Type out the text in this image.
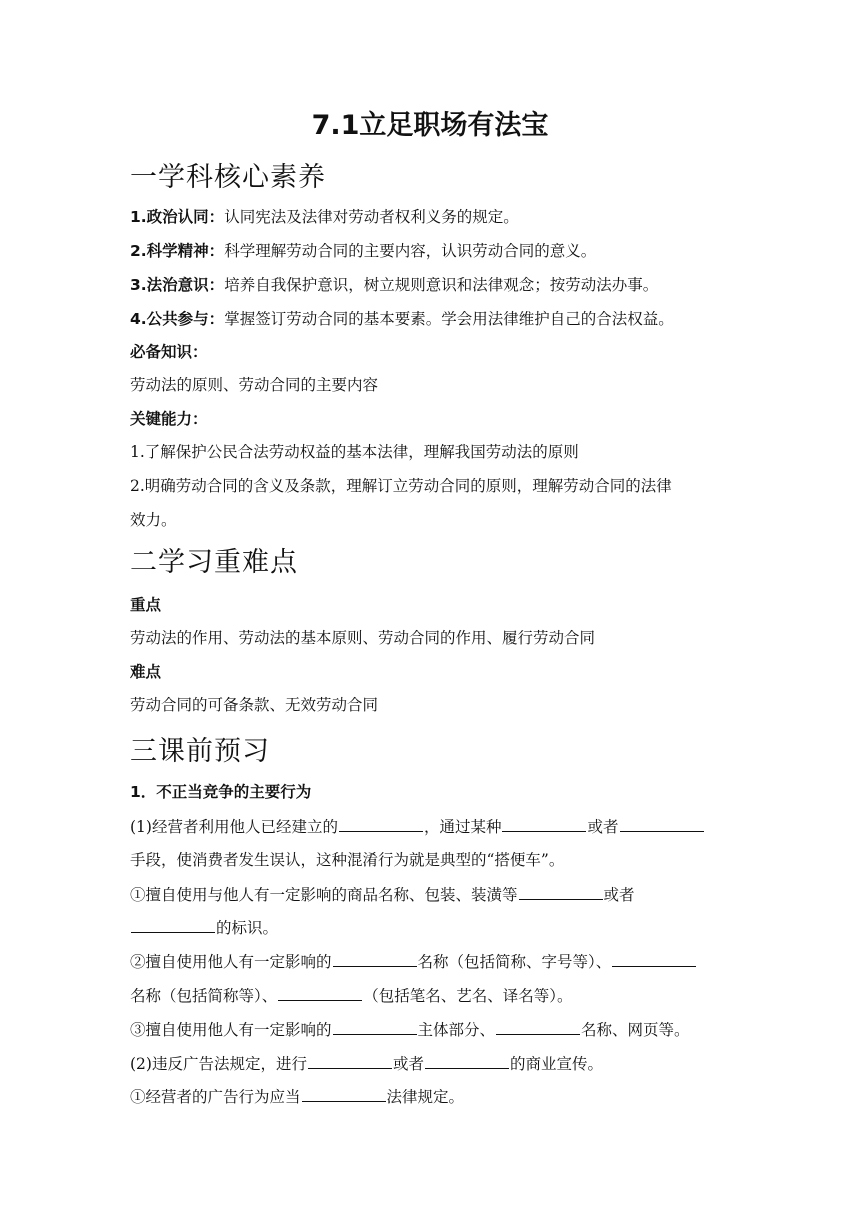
7.1立足职场有法宝
一学科核心素养
1.政治认同：认同宪法及法律对劳动者权利义务的规定。
2.科学精神：科学理解劳动合同的主要内容，认识劳动合同的意义。
3.法治意识：培养自我保护意识，树立规则意识和法律观念；按劳动法办事。
4.公共参与：掌握签订劳动合同的基本要素。学会用法律维护自己的合法权益。
必备知识：
劳动法的原则、劳动合同的主要内容
关键能力：
1.了解保护公民合法劳动权益的基本法律，理解我国劳动法的原则
2.明确劳动合同的含义及条款，理解订立劳动合同的原则，理解劳动合同的法律
效力。
二学习重难点
重点
劳动法的作用、劳动法的基本原则、劳动合同的作用、履行劳动合同
难点
劳动合同的可备条款、无效劳动合同
三课前预习
1．不正当竞争的主要行为
(1)经营者利用他人已经建立的	，通过某种	或者
手段，使消费者发生误认，这种混淆行为就是典型的“搭便车”。
①擅自使用与他人有一定影响的商品名称、包装、装潢等	或者
的标识。
②擅自使用他人有一定影响的	名称（包括简称、字号等）、
名称（包括简称等）、	（包括笔名、艺名、译名等）。
③擅自使用他人有一定影响的	主体部分、	名称、网页等。
(2)违反广告法规定，进行	或者	的商业宣传。
①经营者的广告行为应当	法律规定。
